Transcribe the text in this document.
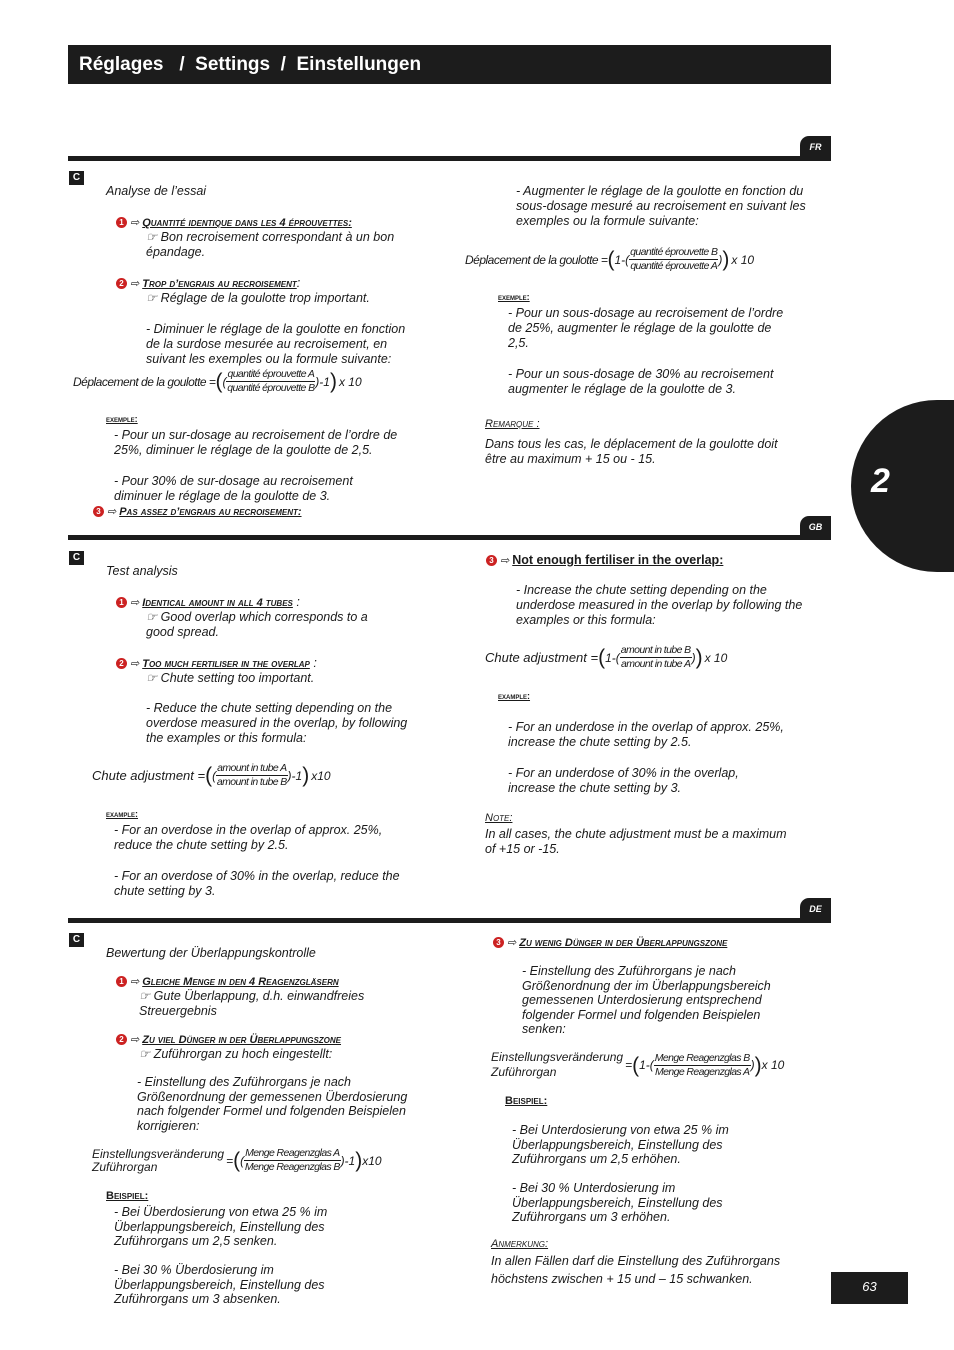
Réglages   /  Settings  /  Einstellungen
2
FR
C
Analyse de l’essai
1 ⇨ Quantité identique dans les 4 éprouvettes:
☞ Bon recroisement correspondant à un bon épandage.
2 ⇨ Trop d’engrais au recroisement:
☞ Réglage de la goulotte trop important.
- Diminuer le réglage de la goulotte en fonction de la surdose mesurée au recroisement, en suivant les exemples ou la formule suivante:
Déplacement de la goulotte = ( ( $\frac{\text{quantité éprouvette A}}{\text{quantité éprouvette B}} )-1$ ) x 10
exemple:
- Pour un sur-dosage au recroisement de l’ordre de 25%, diminuer le réglage de la goulotte de 2,5.
- Pour 30% de sur-dosage au recroisement diminuer le réglage de la goulotte de 3.
3 ⇨ Pas assez d’engrais au recroisement:
- Augmenter le réglage de la goulotte en fonction du sous-dosage mesuré au recroisement en suivant les exemples ou la formule suivante:
Déplacement de la goulotte = ( $1-( \frac{\text{quantité éprouvette B}}{\text{quantité éprouvette A}}$ ) ) x 10
exemple:
- Pour un sous-dosage au recroisement de l’ordre de 25%, augmenter le réglage de la goulotte de 2,5.
- Pour un sous-dosage de 30% au recroisement augmenter le réglage de la goulotte de 3.
Remarque :
Dans tous les cas, le déplacement de la goulotte doit être au maximum + 15 ou - 15.
GB
C
Test analysis
1 ⇨ Identical amount in all 4 tubes :
☞ Good overlap which corresponds to a good spread.
2 ⇨ Too much fertiliser in the overlap :
☞ Chute setting too important.
- Reduce the chute setting depending on the overdose measured in the overlap, by following the examples or this formula:
Chute adjustment = ( ( $\frac{\text{amount in tube A}}{\text{amount in tube B}} )-1$ ) x10
example:
- For an overdose in the overlap of approx. 25%, reduce the chute setting by 2.5.
- For an overdose of 30% in the overlap, reduce the chute setting by 3.
3 ⇨ Not enough fertiliser in the overlap:
- Increase the chute setting depending on the underdose measured in the overlap by following the examples or this formula:
Chute adjustment = ( $1-( \frac{\text{amount in tube B}}{\text{amount in tube A}}$ ) ) x 10
example:
- For an underdose in the overlap of approx. 25%, increase the chute setting by 2.5.
- For an underdose of 30% in the overlap, increase the chute setting by 3.
Note:
In all cases, the chute adjustment must be a maximum of +15 or -15.
DE
C
Bewertung der Überlappungskontrolle
1 ⇨ Gleiche Menge in den 4 Reagenzgläsern
☞ Gute Überlappung, d.h. einwandfreies Streuergebnis
2 ⇨ Zu viel Dünger in der Überlappungszone
☞ Zuführorgan zu hoch eingestellt:
- Einstellung des Zuführorgans je nach Größenordnung der gemessenen Überdosierung nach folgender Formel und folgenden Beispielen korrigieren:
Einstellungsveränderung
Zuführorgan	= ( ( $\frac{\text{Menge Reagenzglas A}}{\text{Menge Reagenzglas B}} )-1$ ) x10
Beispiel:
- Bei Überdosierung von etwa 25 % im Überlappungsbereich, Einstellung des Zuführorgans um 2,5 senken.
- Bei 30 % Überdosierung im Überlappungsbereich, Einstellung des Zuführorgans um 3 absenken.
3 ⇨ Zu wenig Dünger in der Überlappungszone
- Einstellung des Zuführorgans je nach Größenordnung der im Überlappungsbereich gemessenen Unterdosierung entsprechend folgender Formel und folgenden Beispielen senken:
Einstellungsveränderung
Zuführorgan	= ( $1-( \frac{\text{Menge Reagenzglas B}}{\text{Menge Reagenzglas A}}$ ) ) x 10
Beispiel:
- Bei Unterdosierung von etwa 25 % im Überlappungsbereich, Einstellung des Zuführorgans um 2,5 erhöhen.
- Bei 30 % Unterdosierung im Überlappungsbereich, Einstellung des Zuführorgans um 3 erhöhen.
Anmerkung:
In allen Fällen darf die Einstellung des Zuführorgans höchstens zwischen + 15 und – 15 schwanken.	63
